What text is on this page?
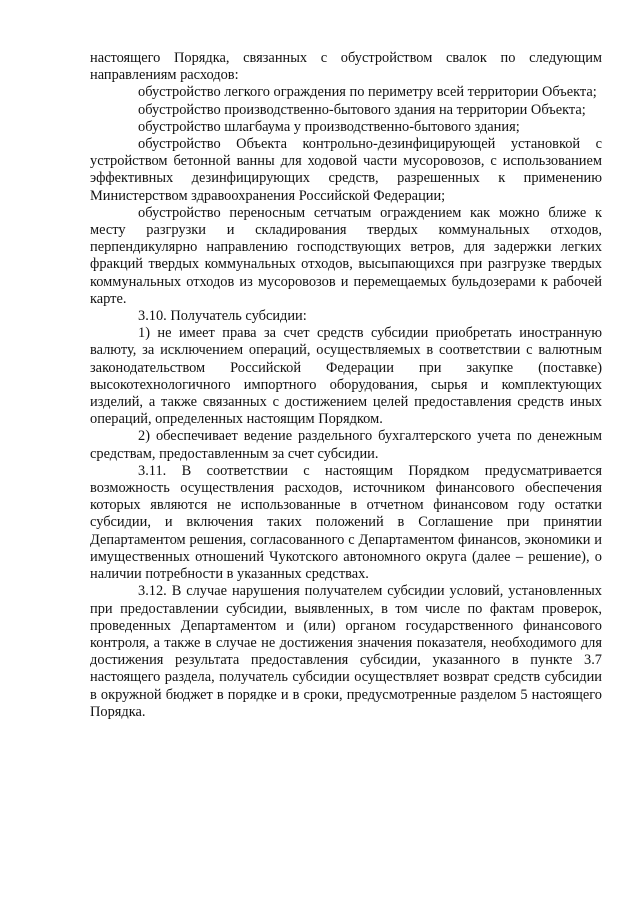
настоящего Порядка, связанных с обустройством свалок по следующим направлениям расходов:

обустройство легкого ограждения по периметру всей территории Объекта;

обустройство производственно-бытового здания на территории Объекта;

обустройство шлагбаума у производственно-бытового здания;

обустройство Объекта контрольно-дезинфицирующей установкой с устройством бетонной ванны для ходовой части мусоровозов, с использованием эффективных дезинфицирующих средств, разрешенных к применению Министерством здравоохранения Российской Федерации;

обустройство переносным сетчатым ограждением как можно ближе к месту разгрузки и складирования твердых коммунальных отходов, перпендикулярно направлению господствующих ветров, для задержки легких фракций твердых коммунальных отходов, высыпающихся при разгрузке твердых коммунальных отходов из мусоровозов и перемещаемых бульдозерами к рабочей карте.

3.10. Получатель субсидии:

1) не имеет права за счет средств субсидии приобретать иностранную валюту, за исключением операций, осуществляемых в соответствии с валютным законодательством Российской Федерации при закупке (поставке) высокотехнологичного импортного оборудования, сырья и комплектующих изделий, а также связанных с достижением целей предоставления средств иных операций, определенных настоящим Порядком.

2) обеспечивает ведение раздельного бухгалтерского учета по денежным средствам, предоставленным за счет субсидии.

3.11. В соответствии с настоящим Порядком предусматривается возможность осуществления расходов, источником финансового обеспечения которых являются не использованные в отчетном финансовом году остатки субсидии, и включения таких положений в Соглашение при принятии Департаментом решения, согласованного с Департаментом финансов, экономики и имущественных отношений Чукотского автономного округа (далее – решение), о наличии потребности в указанных средствах.

3.12. В случае нарушения получателем субсидии условий, установленных при предоставлении субсидии, выявленных, в том числе по фактам проверок, проведенных Департаментом и (или) органом государственного финансового контроля, а также в случае не достижения значения показателя, необходимого для достижения результата предоставления субсидии, указанного в пункте 3.7 настоящего раздела, получатель субсидии осуществляет возврат средств субсидии в окружной бюджет в порядке и в сроки, предусмотренные разделом 5 настоящего Порядка.
